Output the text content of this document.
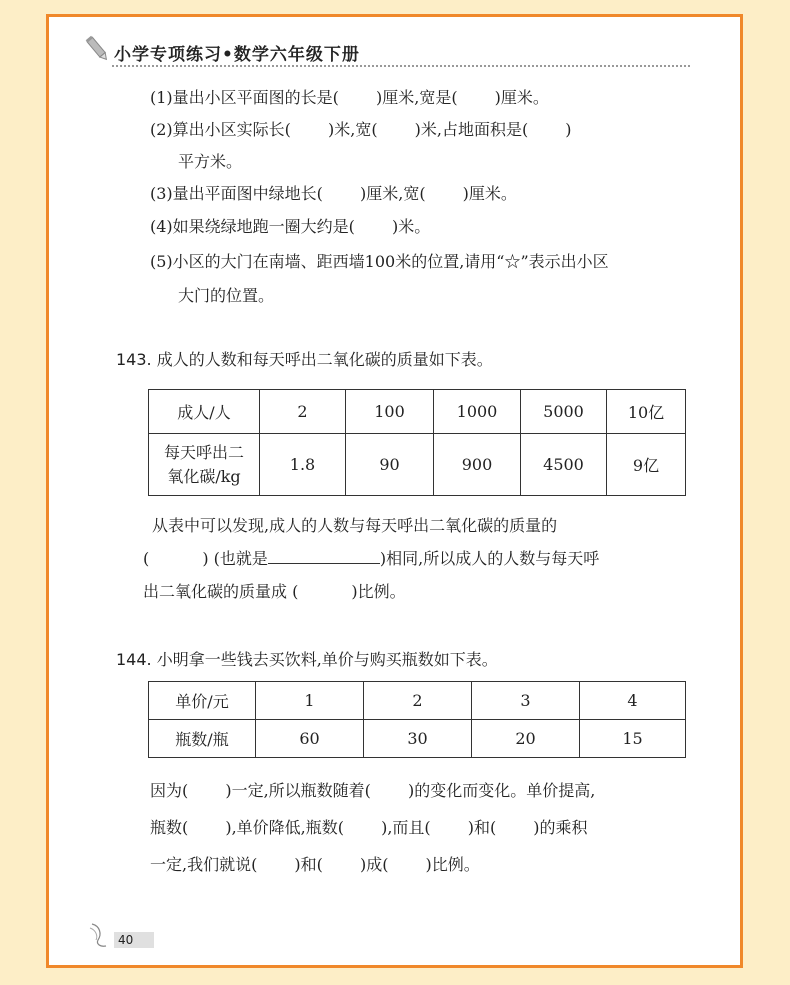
小学专项练习•数学六年级下册
(1)量出小区平面图的长是(　　 )厘米,宽是(　　 )厘米。
(2)算出小区实际长(　　 )米,宽(　　 )米,占地面积是(　　 )
平方米。
(3)量出平面图中绿地长(　　 )厘米,宽(　　 )厘米。
(4)如果绕绿地跑一圈大约是(　　 )米。
(5)小区的大门在南墙、距西墙100米的位置,请用“☆”表示出小区
大门的位置。
143. 成人的人数和每天呼出二氧化碳的质量如下表。
成人/人	2	100	1000	5000	10亿

每天呼出二
氧化碳/kg	1.8	90	900	4500	9亿
从表中可以发现,成人的人数与每天呼出二氧化碳的质量的
(　　　 ) (也就是	)相同,所以成人的人数与每天呼
出二氧化碳的质量成 (　　　 )比例。
144. 小明拿一些钱去买饮料,单价与购买瓶数如下表。
单价/元	1	2	3	4
瓶数/瓶	60	30	20	15
因为(　　 )一定,所以瓶数随着(　　 )的变化而变化。单价提高,
瓶数(　　 ),单价降低,瓶数(　　 ),而且(　　 )和(　　 )的乘积
一定,我们就说(　　 )和(　　 )成(　　 )比例。
40
